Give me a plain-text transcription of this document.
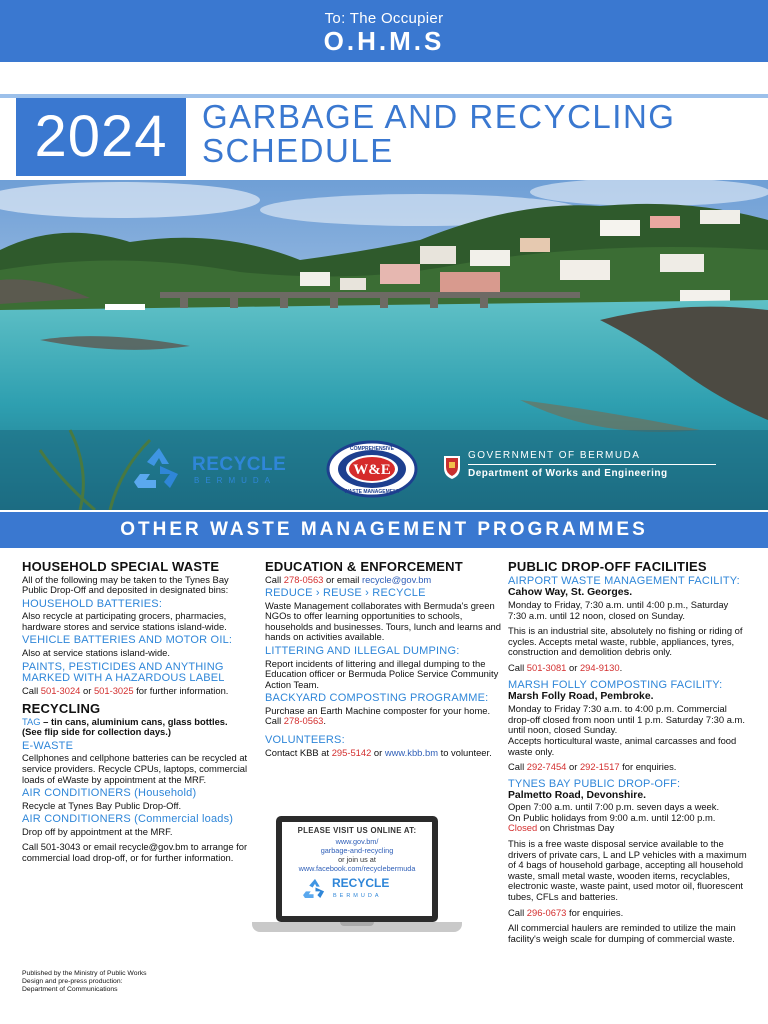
To: The Occupier
O.H.M.S
2024	GARBAGE AND RECYCLING
SCHEDULE
RECYCLE
BERMUDA
W&E
COMPREHENSIVE
WASTE MANAGEMENT
GOVERNMENT OF BERMUDA
Department of Works and Engineering
OTHER WASTE MANAGEMENT PROGRAMMES
HOUSEHOLD SPECIAL WASTE
All of the following may be taken to the Tynes Bay Public Drop-Off and deposited in designated bins:
HOUSEHOLD BATTERIES:
Also recycle at participating grocers, pharmacies, hardware stores and service stations island-wide.
VEHICLE BATTERIES AND MOTOR OIL:
Also at service stations island-wide.
PAINTS, PESTICIDES AND ANYTHING MARKED WITH A HAZARDOUS LABEL
Call 501-3024 or 501-3025 for further information.
RECYCLING
TAG – tin cans, aluminium cans, glass bottles.
(See flip side for collection days.)
E-WASTE
Cellphones and cellphone batteries can be recycled at service providers. Recycle CPUs, laptops, commercial loads of eWaste by appointment at the MRF.
AIR CONDITIONERS (Household)
Recycle at Tynes Bay Public Drop-Off.
AIR CONDITIONERS (Commercial loads)
Drop off by appointment at the MRF.
Call 501-3043 or email recycle@gov.bm to arrange for commercial load drop-off, or for further information.
EDUCATION & ENFORCEMENT
Call 278-0563 or email recycle@gov.bm
REDUCE › REUSE › RECYCLE
Waste Management collaborates with Bermuda's green NGOs to offer learning opportunities to schools, households and businesses. Tours, lunch and learns and hands on activities available.
LITTERING AND ILLEGAL DUMPING:
Report incidents of littering and illegal dumping to the Education officer or Bermuda Police Service Community Action Team.
BACKYARD COMPOSTING PROGRAMME:
Purchase an Earth Machine composter for your home. Call 278-0563.
VOLUNTEERS:
Contact KBB at 295-5142 or www.kbb.bm to volunteer.
PLEASE VISIT US ONLINE AT:
www.gov.bm/
garbage-and-recycling
or join us at
www.facebook.com/recyclebermuda
RECYCLE
BERMUDA
PUBLIC DROP-OFF FACILITIES
AIRPORT WASTE MANAGEMENT FACILITY:
Cahow Way, St. Georges.
Monday to Friday, 7:30 a.m. until 4:00 p.m., Saturday 7:30 a.m. until 12 noon, closed on Sunday.
This is an industrial site, absolutely no fishing or riding of cycles. Accepts metal waste, rubble, appliances, tyres, construction and demolition debris only.
Call 501-3081 or 294-9130.
MARSH FOLLY COMPOSTING FACILITY:
Marsh Folly Road, Pembroke.
Monday to Friday 7:30 a.m. to 4:00 p.m. Commercial drop-off closed from noon until 1 p.m. Saturday 7:30 a.m. until noon, closed Sunday.
Accepts horticultural waste, animal carcasses and food waste only.
Call 292-7454 or 292-1517 for enquiries.
TYNES BAY PUBLIC DROP-OFF:
Palmetto Road, Devonshire.
Open 7:00 a.m. until 7:00 p.m. seven days a week.
On Public holidays from 9:00 a.m. until 12:00 p.m.
Closed on Christmas Day
This is a free waste disposal service available to the drivers of private cars, L and LP vehicles with a maximum of 4 bags of household garbage, accepting all household waste, small metal waste, wooden items, recyclables, electronic waste, waste paint, used motor oil, fluorescent tubes, CFLs and batteries.
Call 296-0673 for enquiries.
All commercial haulers are reminded to utilize the main facility's weigh scale for dumping of commercial waste.
Published by the Ministry of Public Works
Design and pre-press production:
Department of Communications
